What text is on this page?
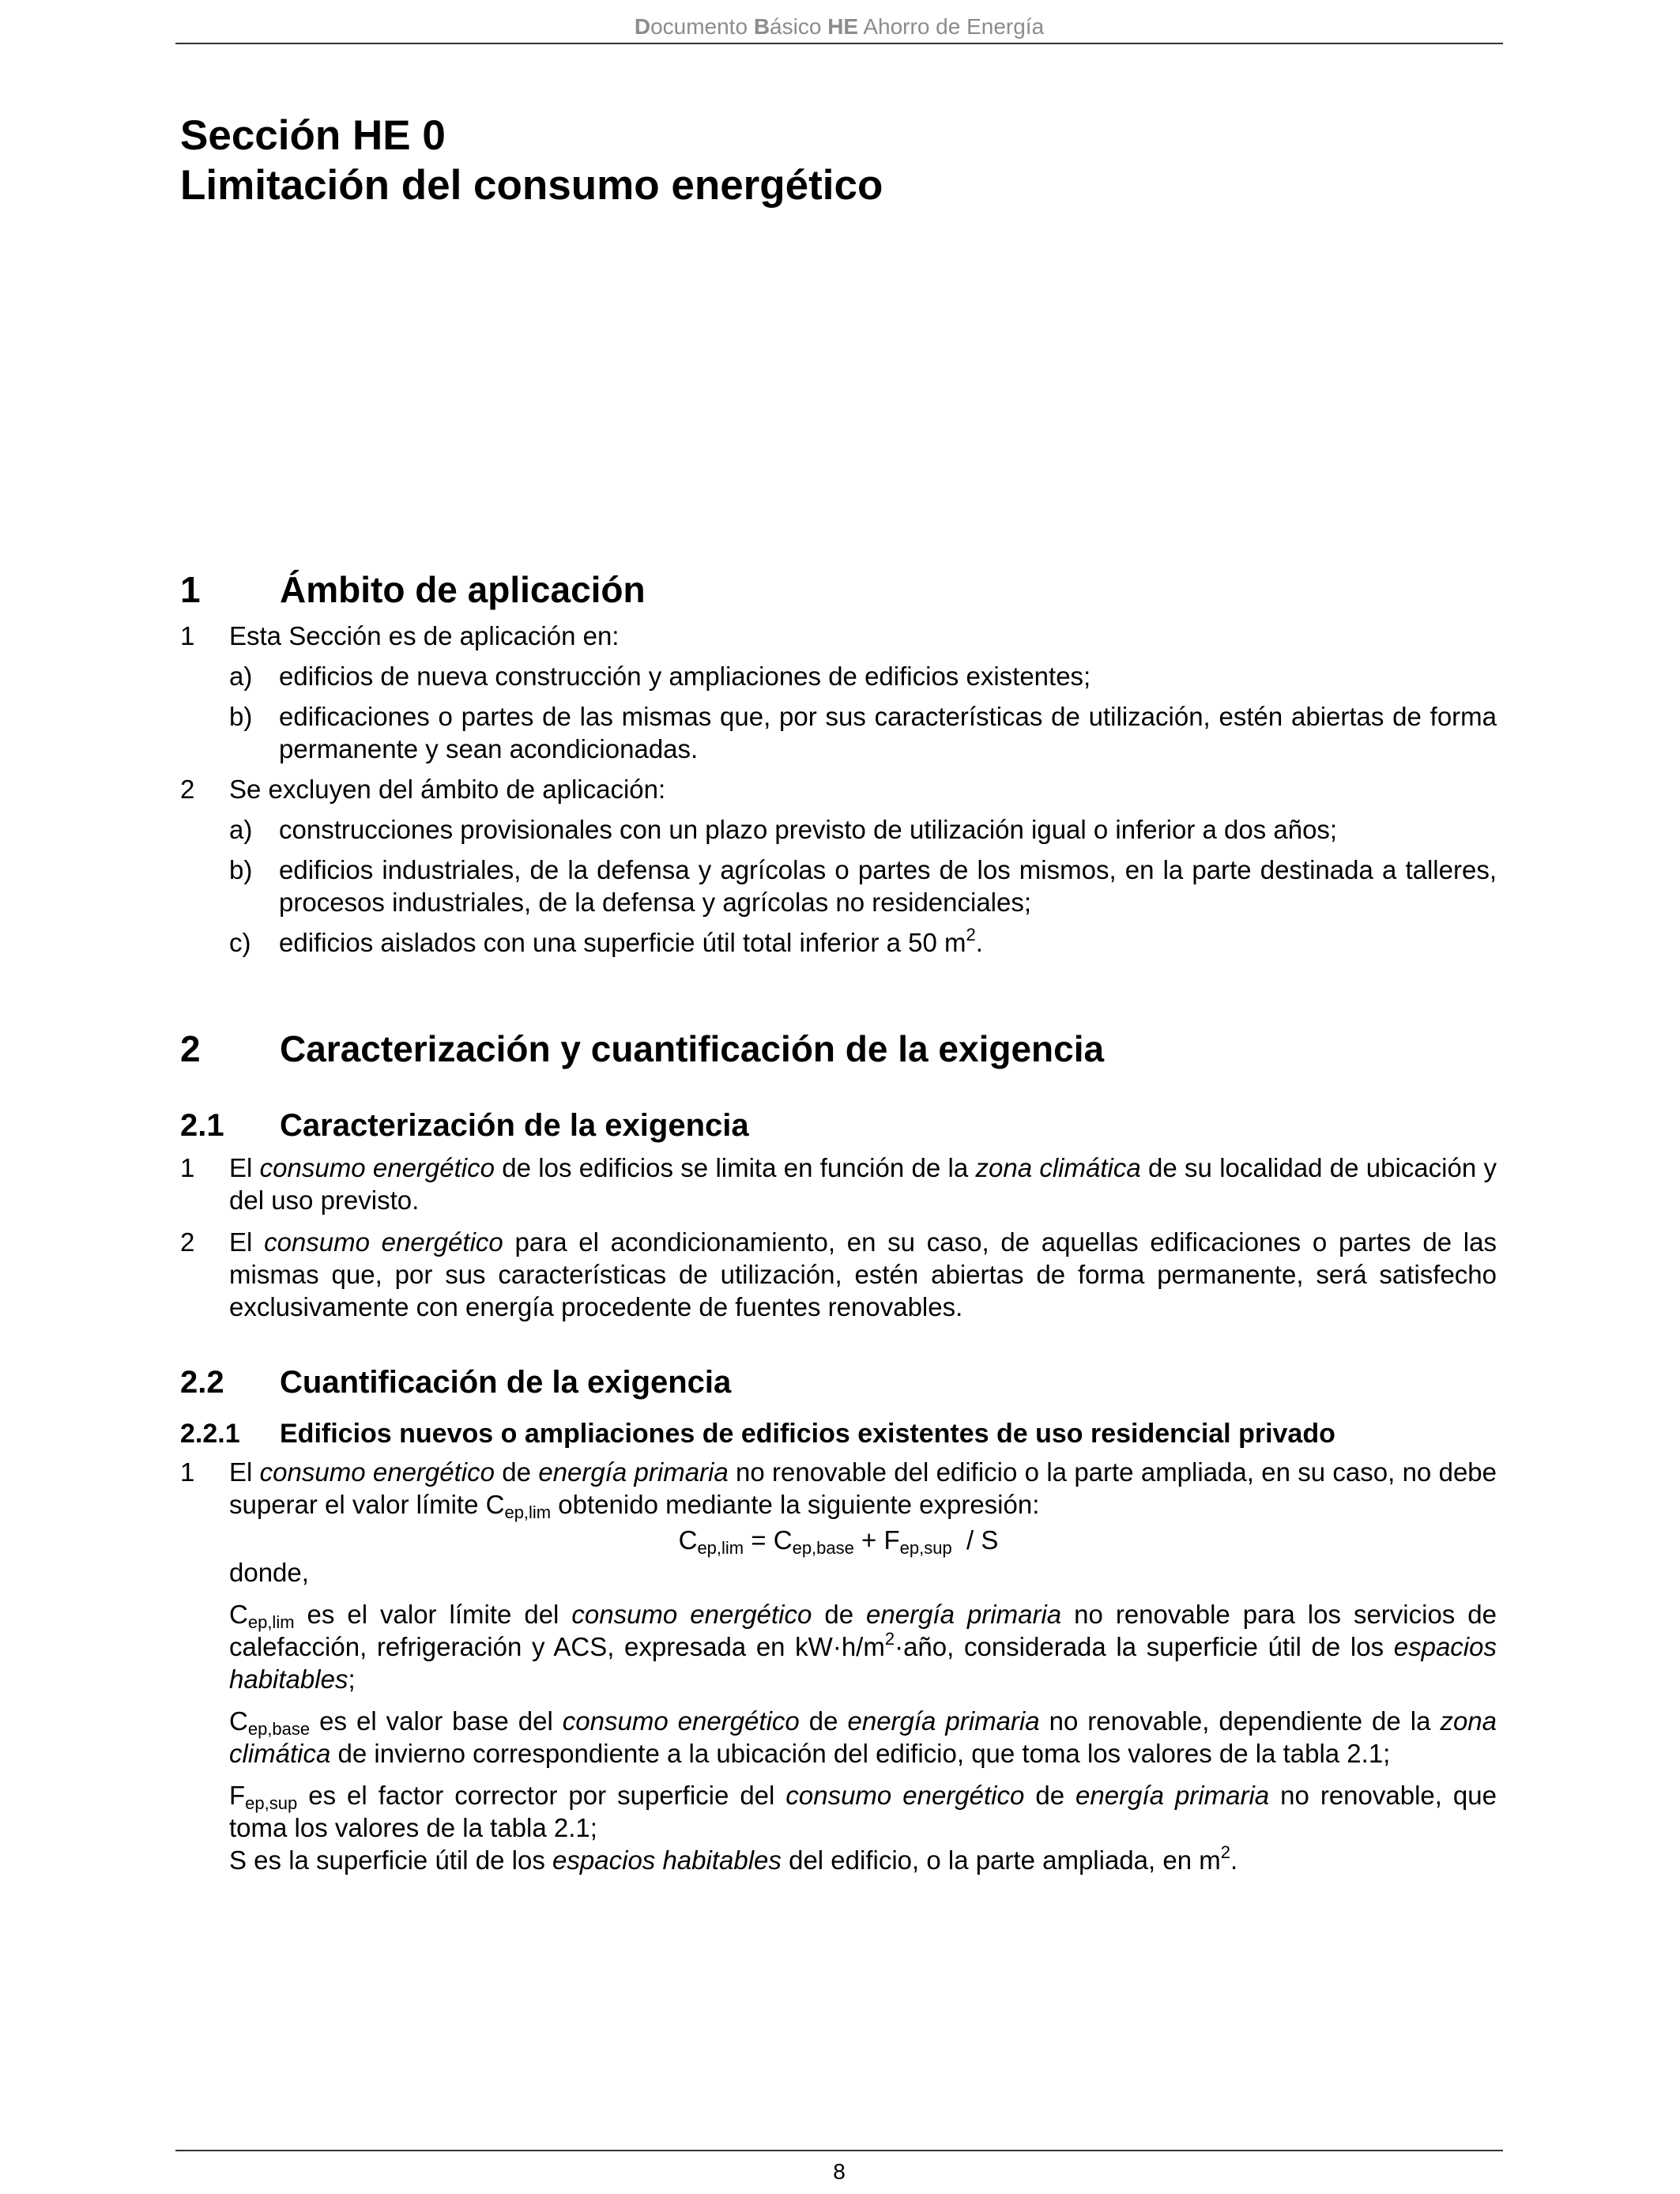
Documento Básico HE Ahorro de Energía
Sección HE 0
Limitación del consumo energético
1 Ámbito de aplicación

1 Esta Sección es de aplicación en:

a) edificios de nueva construcción y ampliaciones de edificios existentes;

b) edificaciones o partes de las mismas que, por sus características de utilización, estén abiertas de forma permanente y sean acondicionadas.

2 Se excluyen del ámbito de aplicación:

a) construcciones provisionales con un plazo previsto de utilización igual o inferior a dos años;

b) edificios industriales, de la defensa y agrícolas o partes de los mismos, en la parte destinada a talleres, procesos industriales, de la defensa y agrícolas no residenciales;

c) edificios aislados con una superficie útil total inferior a 50 $m^2$.

2 Caracterización y cuantificación de la exigencia
2.1 Caracterización de la exigencia

1 El consumo energético de los edificios se limita en función de la zona climática de su localidad de ubicación y del uso previsto.

2 El consumo energético para el acondicionamiento, en su caso, de aquellas edificaciones o partes de las mismas que, por sus características de utilización, estén abiertas de forma permanente, será satisfecho exclusivamente con energía procedente de fuentes renovables.

2.2 Cuantificación de la exigencia
2.2.1 Edificios nuevos o ampliaciones de edificios existentes de uso residencial privado

1 El consumo energético de energía primaria no renovable del edificio o la parte ampliada, en su caso, no debe superar el valor límite $C_{ep,lim}$ obtenido mediante la siguiente expresión:

$C_{ep,lim} = C_{ep,base} + F_{ep,sup} / S$

donde,

$C_{ep,lim}$ es el valor límite del consumo energético de energía primaria no renovable para los servicios de calefacción, refrigeración y ACS, expresada en $kW\cdot h/m^2\cdot año$, considerada la superficie útil de los espacios habitables;

$C_{ep,base}$ es el valor base del consumo energético de energía primaria no renovable, dependiente de la zona climática de invierno correspondiente a la ubicación del edificio, que toma los valores de la tabla 2.1;

$F_{ep,sup}$ es el factor corrector por superficie del consumo energético de energía primaria no renovable, que toma los valores de la tabla 2.1;

S es la superficie útil de los espacios habitables del edificio, o la parte ampliada, en $m^2$.

8
